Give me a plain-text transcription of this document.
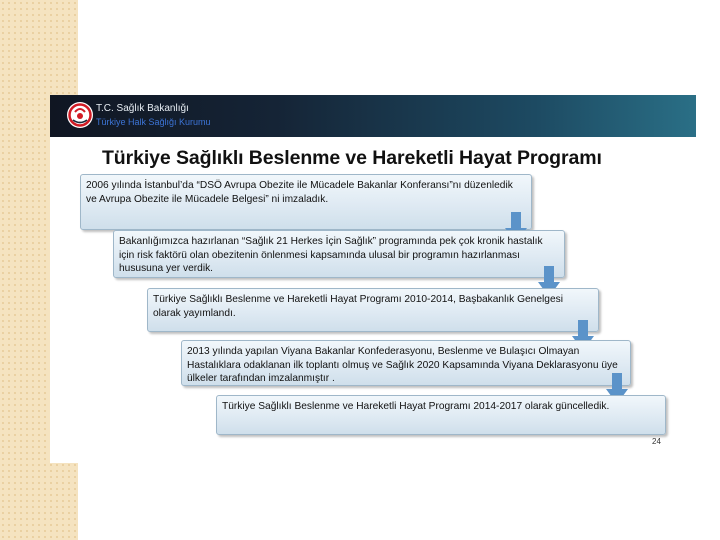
T.C. Sağlık Bakanlığı
Türkiye Halk Sağlığı Kurumu
Türkiye Sağlıklı Beslenme ve Hareketli Hayat Programı
2006 yılında İstanbul’da “DSÖ Avrupa Obezite ile Mücadele Bakanlar Konferansı”nı düzenledik ve Avrupa Obezite ile Mücadele Belgesi” ni imzaladık.
Bakanlığımızca hazırlanan “Sağlık 21 Herkes İçin Sağlık” programında pek çok kronik hastalık için risk faktörü olan obezitenin önlenmesi kapsamında ulusal bir programın hazırlanması hususuna yer verdik.
Türkiye Sağlıklı Beslenme ve Hareketli Hayat Programı 2010-2014, Başbakanlık Genelgesi olarak yayımlandı.
2013 yılında yapılan Viyana Bakanlar Konfederasyonu, Beslenme ve Bulaşıcı Olmayan Hastalıklara odaklanan ilk toplantı olmuş ve Sağlık 2020 Kapsamında Viyana Deklarasyonu üye ülkeler tarafından imzalanmıştır .
Türkiye Sağlıklı Beslenme ve Hareketli Hayat Programı 2014-2017 olarak güncelledik.
24
